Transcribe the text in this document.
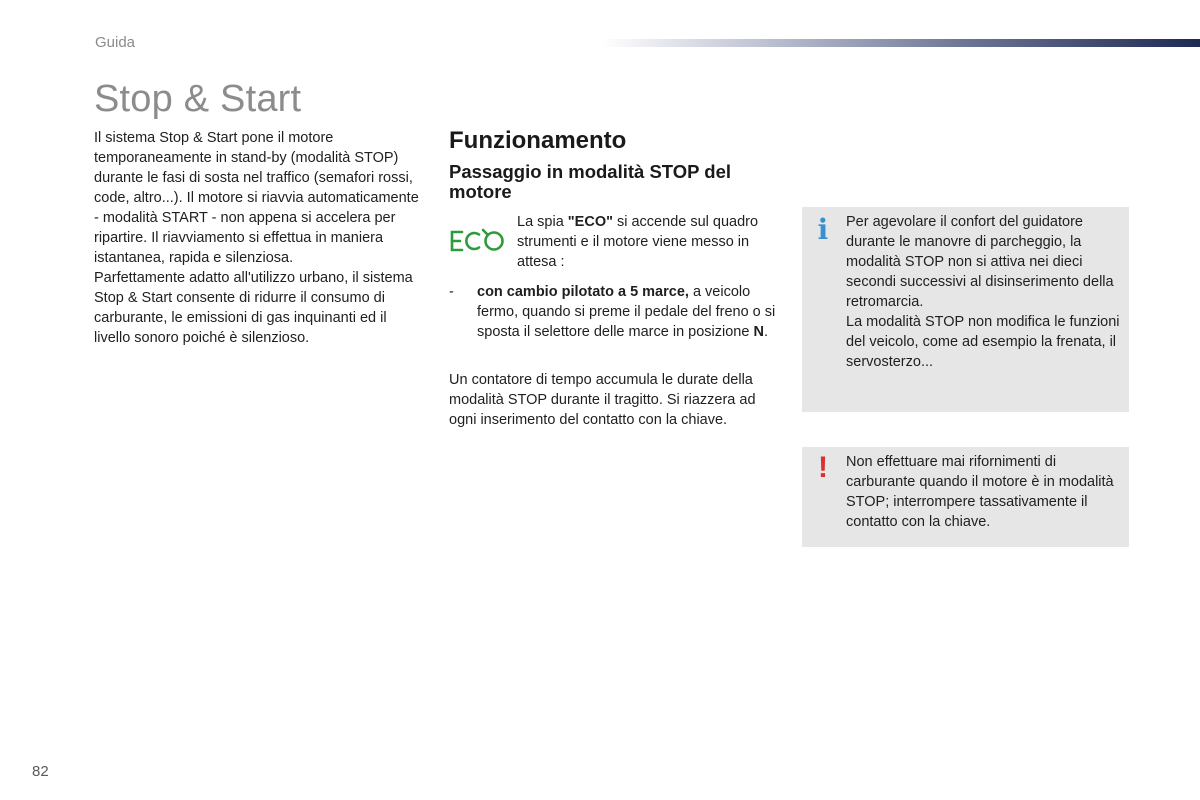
Guida
Stop & Start

Il sistema Stop & Start pone il motore temporaneamente in stand-by (modalità STOP) durante le fasi di sosta nel traffico (semafori rossi, code, altro...). Il motore si riavvia automaticamente - modalità START - non appena si accelera per ripartire. Il riavviamento si effettua in maniera istantanea, rapida e silenziosa.

Parfettamente adatto all'utilizzo urbano, il sistema Stop & Start consente di ridurre il consumo di carburante, le emissioni di gas inquinanti ed il livello sonoro poiché è silenzioso.

Funzionamento
Passaggio in modalità STOP del motore
La spia "ECO" si accende sul quadro strumenti e il motore viene messo in attesa :
- con cambio pilotato a 5 marce, a veicolo fermo, quando si preme il pedale del freno o si sposta il selettore delle marce in posizione N.
Un contatore di tempo accumula le durate della modalità STOP durante il tragitto. Si riazzera ad ogni inserimento del contatto con la chiave.
i Per agevolare il confort del guidatore durante le manovre di parcheggio, la modalità STOP non si attiva nei dieci secondi successivi al disinserimento della retromarcia.
La modalità STOP non modifica le funzioni del veicolo, come ad esempio la frenata, il servosterzo...
! Non effettuare mai rifornimenti di carburante quando il motore è in modalità STOP; interrompere tassativamente il contatto con la chiave.
82
